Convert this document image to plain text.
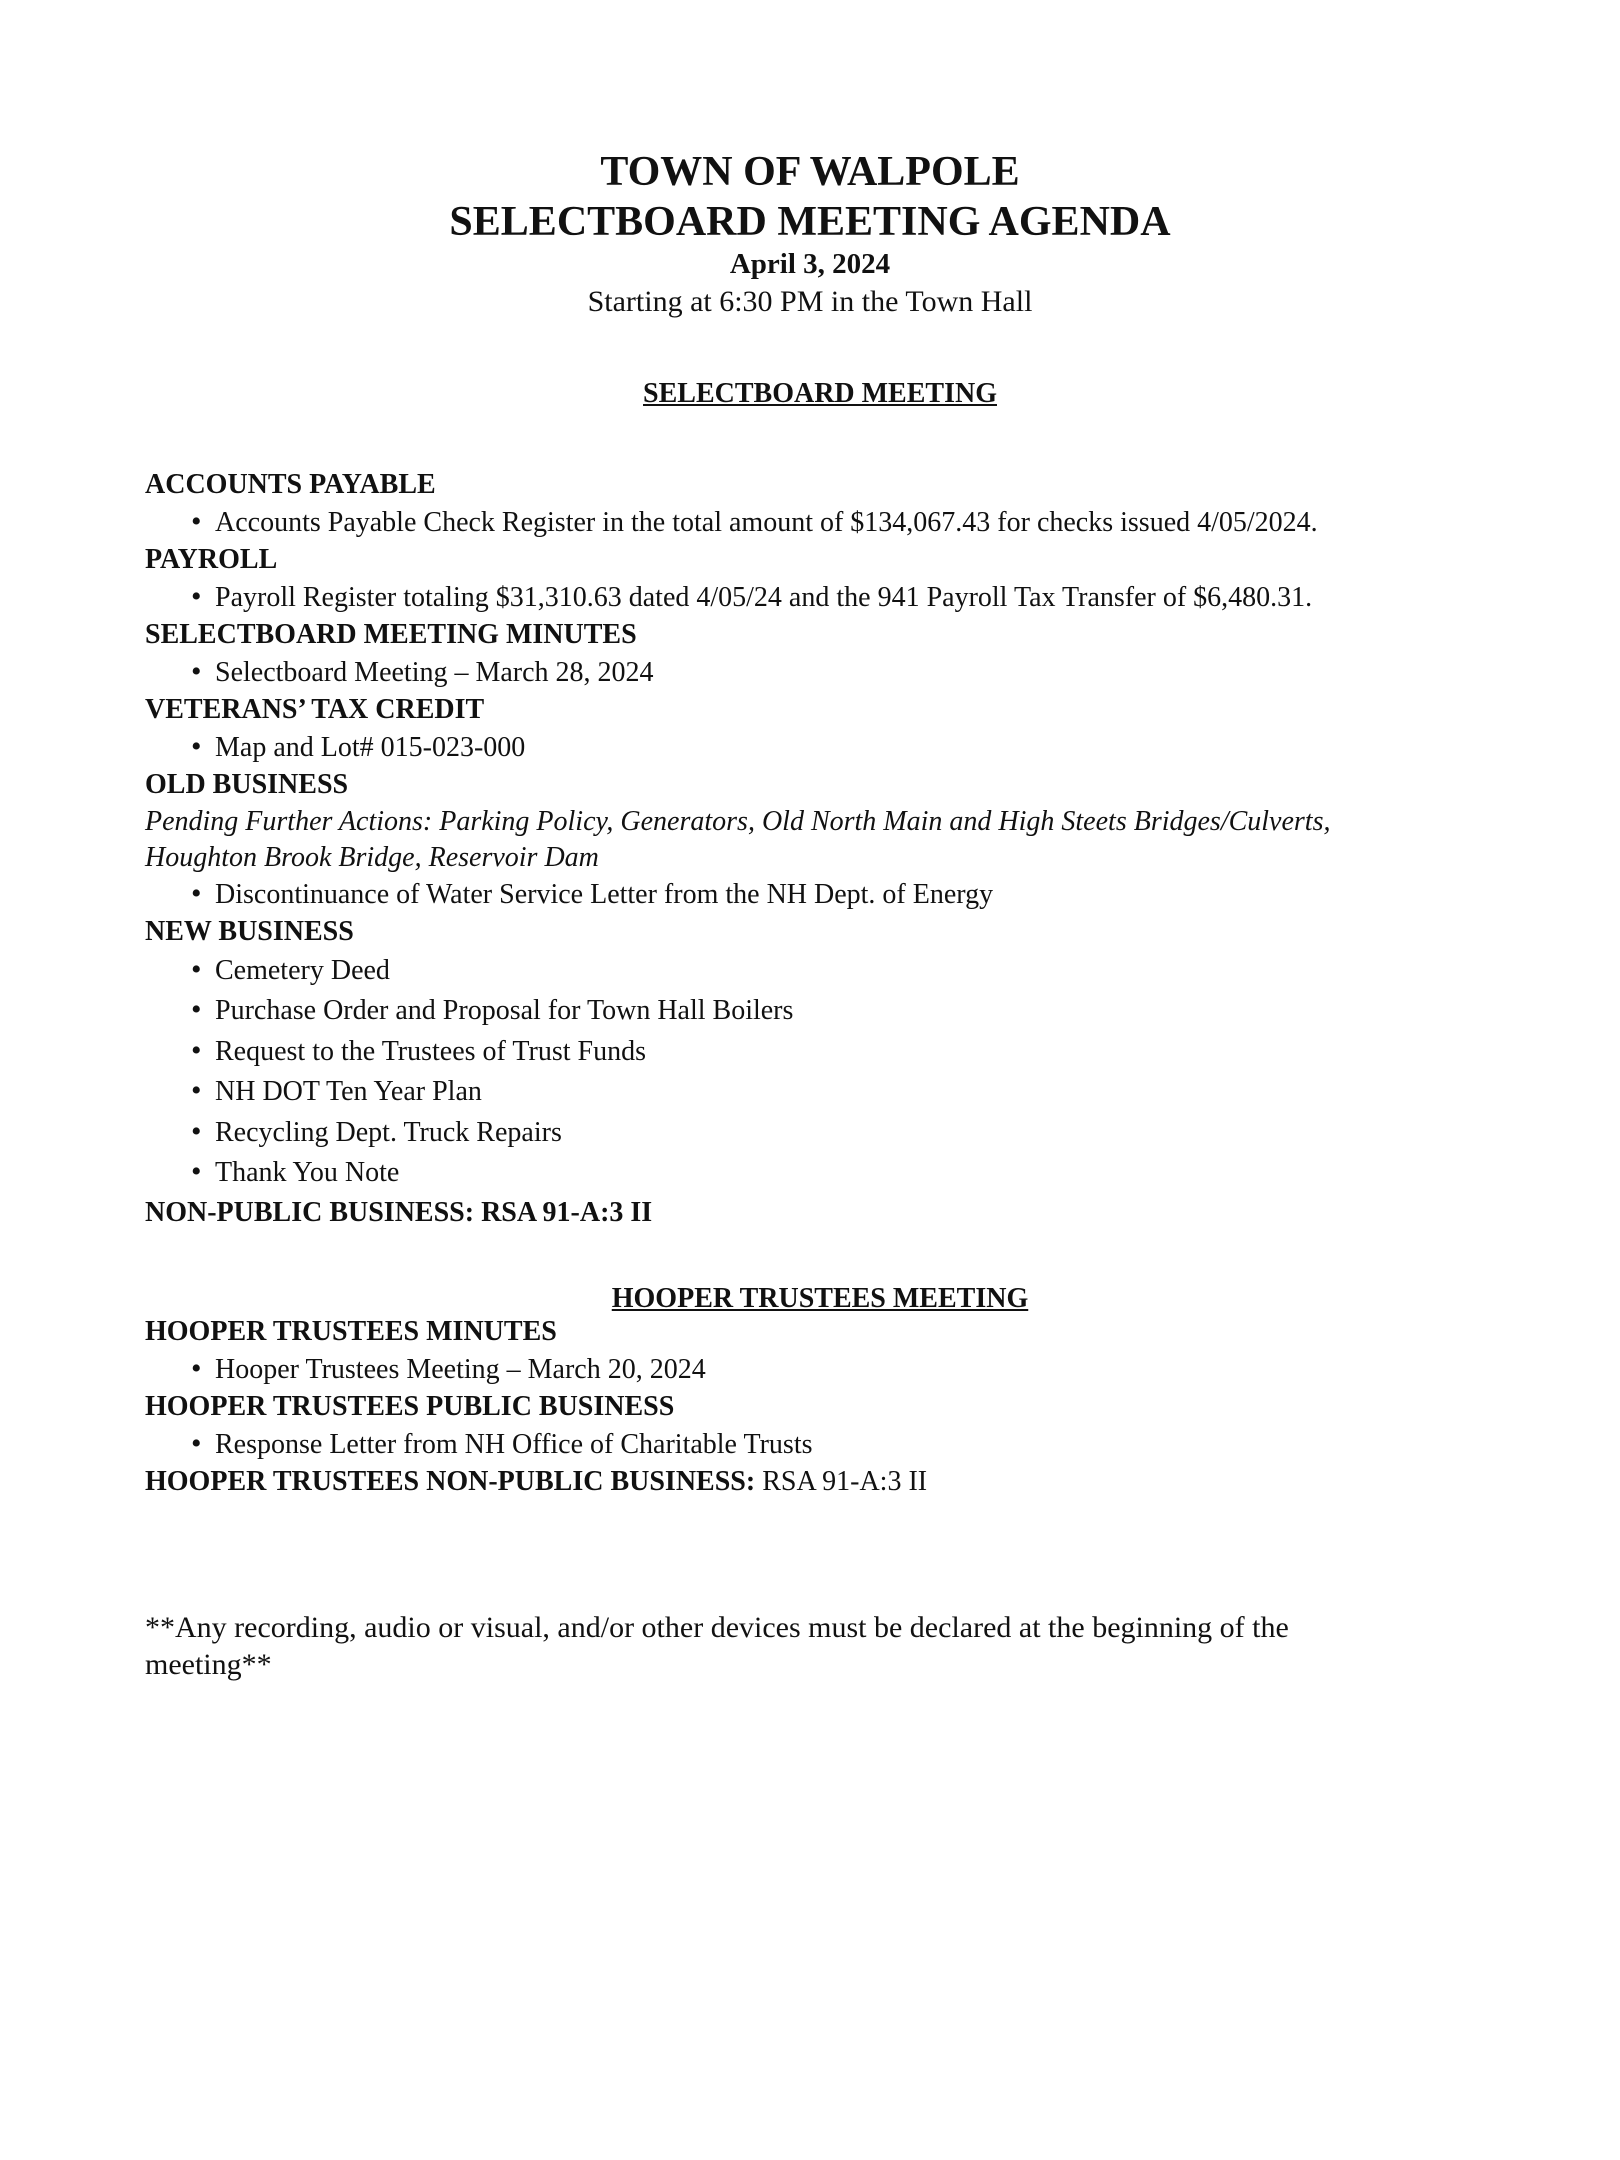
TOWN OF WALPOLE
SELECTBOARD MEETING AGENDA
April 3, 2024
Starting at 6:30 PM in the Town Hall
SELECTBOARD MEETING

ACCOUNTS PAYABLE

• Accounts Payable Check Register in the total amount of $134,067.43 for checks issued 4/05/2024.

PAYROLL

• Payroll Register totaling $31,310.63 dated 4/05/24 and the 941 Payroll Tax Transfer of $6,480.31.

SELECTBOARD MEETING MINUTES

• Selectboard Meeting – March 28, 2024

VETERANS’ TAX CREDIT

• Map and Lot# 015-023-000

OLD BUSINESS

Pending Further Actions: Parking Policy, Generators, Old North Main and High Steets Bridges/Culverts,

Houghton Brook Bridge, Reservoir Dam

• Discontinuance of Water Service Letter from the NH Dept. of Energy

NEW BUSINESS

• Cemetery Deed
• Purchase Order and Proposal for Town Hall Boilers
• Request to the Trustees of Trust Funds
• NH DOT Ten Year Plan
• Recycling Dept. Truck Repairs
• Thank You Note

NON-PUBLIC BUSINESS: RSA 91-A:3 II

HOOPER TRUSTEES MEETING

HOOPER TRUSTEES MINUTES

• Hooper Trustees Meeting – March 20, 2024

HOOPER TRUSTEES PUBLIC BUSINESS

• Response Letter from NH Office of Charitable Trusts

HOOPER TRUSTEES NON-PUBLIC BUSINESS: RSA 91-A:3 II

**Any recording, audio or visual, and/or other devices must be declared at the beginning of the
meeting**
